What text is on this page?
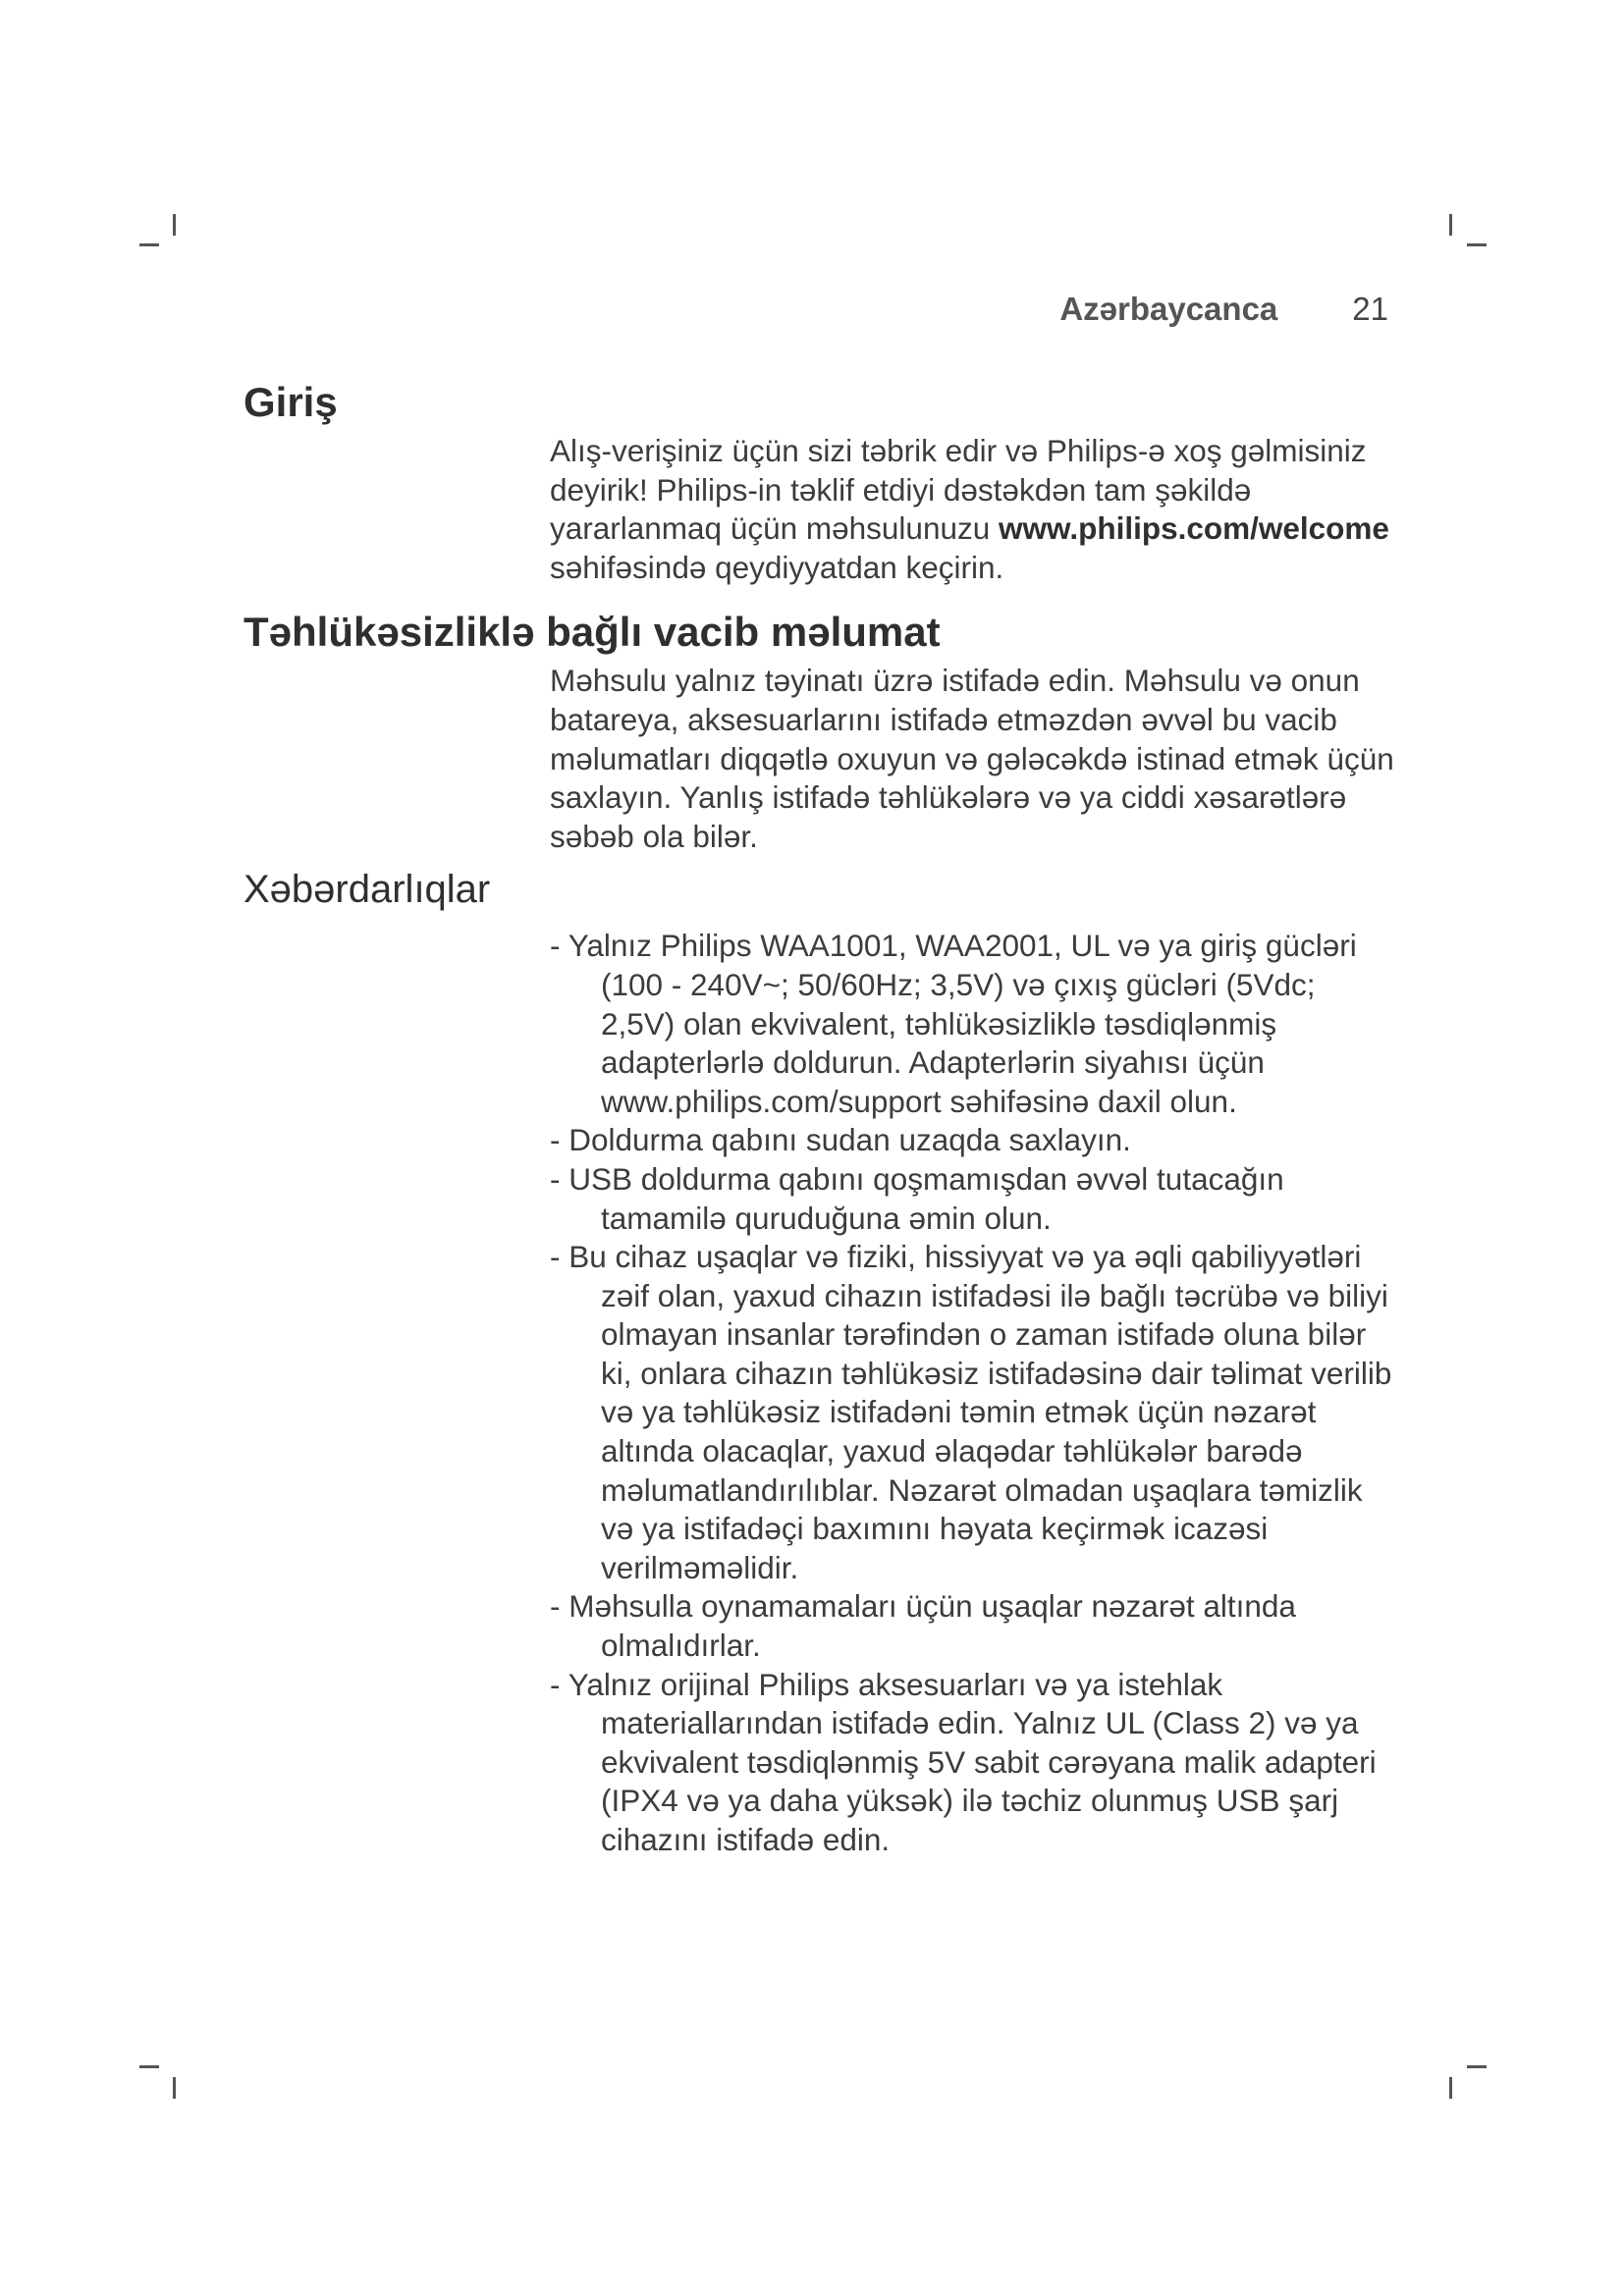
Azərbaycanca 21
Giriş

Alış-verişiniz üçün sizi təbrik edir və Philips-ə xoş gəlmisiniz deyirik! Philips-in təklif etdiyi dəstəkdən tam şəkildə yararlanmaq üçün məhsulunuzu www.philips.com/welcome səhifəsində qeydiyyatdan keçirin.

Təhlükəsizliklə bağlı vacib məlumat

Məhsulu yalnız təyinatı üzrə istifadə edin. Məhsulu və onun batareya, aksesuarlarını istifadə etməzdən əvvəl bu vacib məlumatları diqqətlə oxuyun və gələcəkdə istinad etmək üçün saxlayın. Yanlış istifadə təhlükələrə və ya ciddi xəsarətlərə səbəb ola bilər.

Xəbərdarlıqlar
- Yalnız Philips WAA1001, WAA2001, UL və ya giriş gücləri (100 - 240V~; 50/60Hz; 3,5V) və çıxış gücləri (5Vdc; 2,5V) olan ekvivalent, təhlükəsizliklə təsdiqlənmiş adapterlərlə doldurun. Adapterlərin siyahısı üçün www.philips.com/support səhifəsinə daxil olun.
- Doldurma qabını sudan uzaqda saxlayın.
- USB doldurma qabını qoşmamışdan əvvəl tutacağın tamamilə quruduğuna əmin olun.
- Bu cihaz uşaqlar və fiziki, hissiyyat və ya əqli qabiliyyətləri zəif olan, yaxud cihazın istifadəsi ilə bağlı təcrübə və biliyi olmayan insanlar tərəfindən o zaman istifadə oluna bilər ki, onlara cihazın təhlükəsiz istifadəsinə dair təlimat verilib və ya təhlükəsiz istifadəni təmin etmək üçün nəzarət altında olacaqlar, yaxud əlaqədar təhlükələr barədə məlumatlandırılıblar. Nəzarət olmadan uşaqlara təmizlik və ya istifadəçi baxımını həyata keçirmək icazəsi verilməməlidir.
- Məhsulla oynamamaları üçün uşaqlar nəzarət altında olmalıdırlar.
- Yalnız orijinal Philips aksesuarları və ya istehlak materiallarından istifadə edin. Yalnız UL (Class 2) və ya ekvivalent təsdiqlənmiş 5V sabit cərəyana malik adapteri (IPX4 və ya daha yüksək) ilə təchiz olunmuş USB şarj cihazını istifadə edin.
